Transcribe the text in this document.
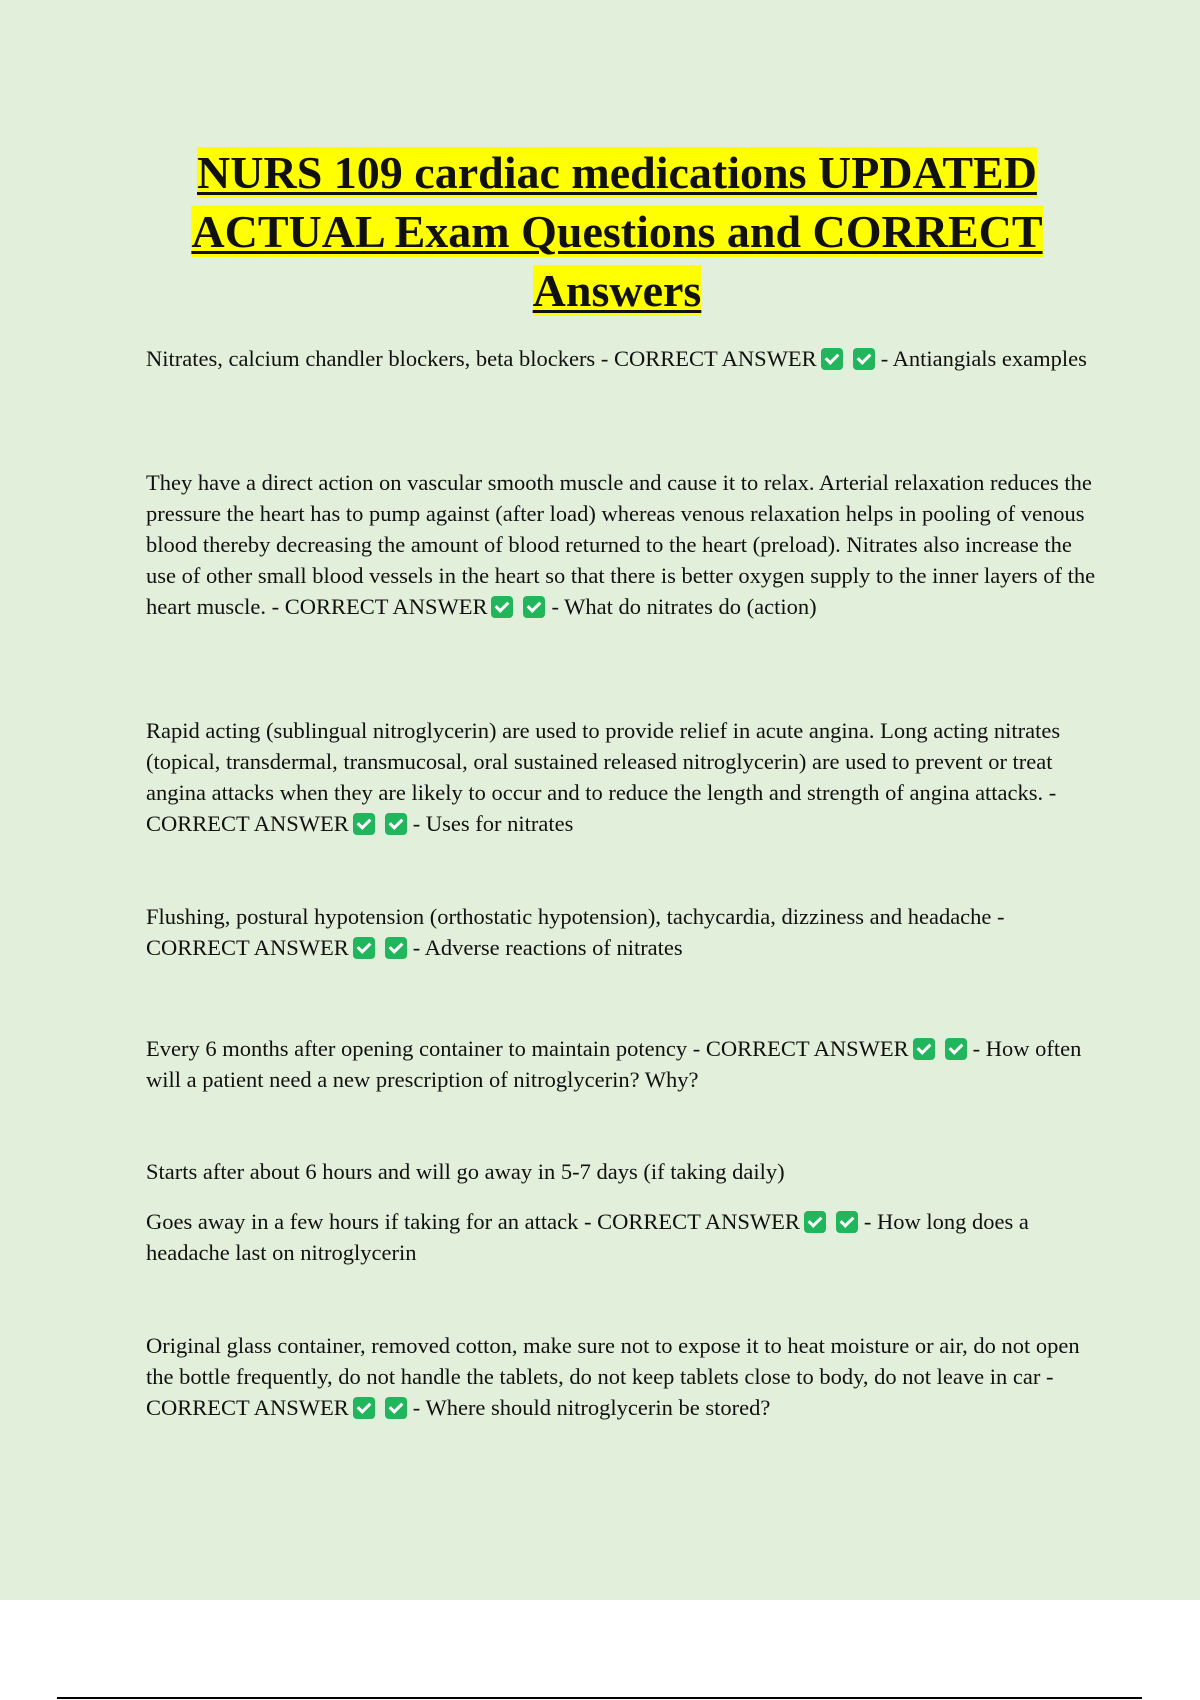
NURS 109 cardiac medications UPDATED ACTUAL Exam Questions and CORRECT Answers
Nitrates, calcium chandler blockers, beta blockers - CORRECT ANSWER	- Antiangials examples
They have a direct action on vascular smooth muscle and cause it to relax. Arterial relaxation reduces the pressure the heart has to pump against (after load) whereas venous relaxation helps in pooling of venous blood thereby decreasing the amount of blood returned to the heart (preload). Nitrates also increase the use of other small blood vessels in the heart so that there is better oxygen supply to the inner layers of the heart muscle. - CORRECT ANSWER	- What do nitrates do (action)
Rapid acting (sublingual nitroglycerin) are used to provide relief in acute angina. Long acting nitrates (topical, transdermal, transmucosal, oral sustained released nitroglycerin) are used to prevent or treat angina attacks when they are likely to occur and to reduce the length and strength of angina attacks. - CORRECT ANSWER	- Uses for nitrates
Flushing, postural hypotension (orthostatic hypotension), tachycardia, dizziness and headache - CORRECT ANSWER	- Adverse reactions of nitrates
Every 6 months after opening container to maintain potency - CORRECT ANSWER	- How often will a patient need a new prescription of nitroglycerin? Why?
Starts after about 6 hours and will go away in 5-7 days (if taking daily)
Goes away in a few hours if taking for an attack - CORRECT ANSWER	- How long does a headache last on nitroglycerin
Original glass container, removed cotton, make sure not to expose it to heat moisture or air, do not open the bottle frequently, do not handle the tablets, do not keep tablets close to body, do not leave in car - CORRECT ANSWER	- Where should nitroglycerin be stored?
